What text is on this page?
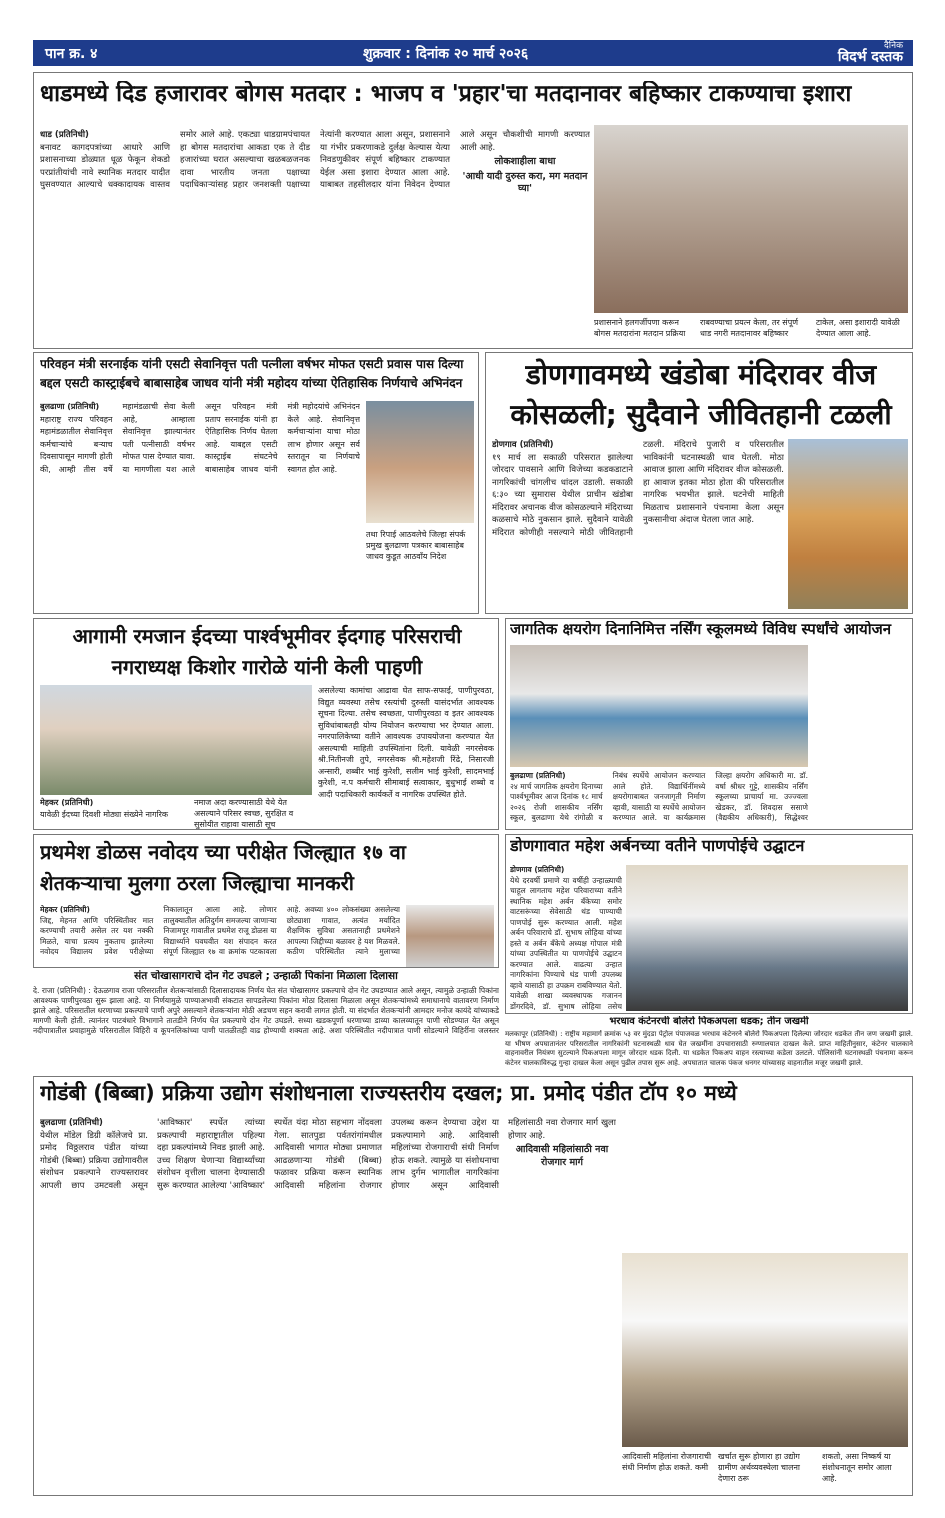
पान क्र. ४	शुक्रवार : दिनांक २० मार्च २०२६	दैनिक
विदर्भ दस्तक
धाडमध्ये दिड हजारावर बोगस मतदार : भाजप व 'प्रहार'चा मतदानावर बहिष्कार टाकण्याचा इशारा
धाड (प्रतिनिधी)
बनावट कागदपत्रांच्या आधारे आणि प्रशासनाच्या डोळ्यात धूळ फेकून शेकडो परप्रांतीयांची नावे स्थानिक मतदार यादीत घुसवण्यात आल्याचे धक्कादायक वास्तव समोर आले आहे. एकट्या धाडग्रामपंचायत हा बोगस मतदारांचा आकडा एक ते दीड हजारांच्या घरात असल्याचा खळबळजनक दावा भारतीय जनता पक्षाच्या पदाधिकाऱ्यांसह प्रहार जनशक्ती पक्षाच्या नेत्यांनी करण्यात आला असून, प्रशासनाने या गंभीर प्रकरणाकडे दुर्लक्ष केल्यास येत्या निवडणुकीवर संपूर्ण बहिष्कार टाकण्यात येईल असा इशारा देण्यात आला आहे. याबाबत तहसीलदार यांना निवेदन देण्यात आले असून चौकशीची मागणी करण्यात आली आहे.
लोकशाहीला बाधा
'आधी यादी दुरुस्त करा, मग मतदान घ्या'
प्रशासनाने हलगर्जीपणा करून बोगस मतदारांना मतदान प्रक्रिया
राबवण्याचा प्रयत्न केला, तर संपूर्ण धाड नगरी मतदानावर बहिष्कार
टाकेल, असा इशारादी यावेळी देण्यात आला आहे.
परिवहन मंत्री सरनाईक यांनी एसटी सेवानिवृत्त पती पत्नीला वर्षभर मोफत एसटी प्रवास पास दिल्या बद्दल एसटी कास्ट्राईबचे बाबासाहेब जाधव यांनी मंत्री महोदय यांच्या ऐतिहासिक निर्णयाचे अभिनंदन
बुलढाणा (प्रतिनिधी)
महाराष्ट्र राज्य परिवहन महामंडळातील सेवानिवृत्त कर्मचाऱ्यांचे बऱ्याच दिवसापासून मागणी होती की, आम्ही तीस वर्षे महामंडळाची सेवा केली आहे, आम्हाला सेवानिवृत्त झाल्यानंतर पती पत्नीसाठी वर्षभर मोफत पास देण्यात यावा. या मागणीला यश आले असून परिवहन मंत्री प्रताप सरनाईक यांनी हा ऐतिहासिक निर्णय घेतला आहे. याबद्दल एसटी कास्ट्राईब संघटनेचे बाबासाहेब जाधव यांनी मंत्री महोदयांचे अभिनंदन केले आहे. सेवानिवृत्त कर्मचाऱ्यांना याचा मोठा लाभ होणार असून सर्व स्तरातून या निर्णयाचे स्वागत होत आहे.
तथा रिपाई आठवलेचे जिल्हा संपर्क प्रमुख बुलढाणा पत्रकार बाबासाहेब जाधव कुडूत आठवाँय निदेश
डोणगावमध्ये खंडोबा मंदिरावर वीज कोसळली; सुदैवाने जीवितहानी टळली
डोणगाव (प्रतिनिधी)
१९ मार्च ला सकाळी परिसरात झालेल्या जोरदार पावसाने आणि विजेच्या कडकडाटाने नागरिकांची चांगलीच धांदल उडाली. सकाळी ६:३० च्या सुमारास येथील प्राचीन खंडोबा मंदिरावर अचानक वीज कोसळल्याने मंदिराच्या कळसाचे मोठे नुकसान झाले. सुदैवाने यावेळी मंदिरात कोणीही नसल्याने मोठी जीवितहानी टळली. मंदिराचे पुजारी व परिसरातील भाविकांनी घटनास्थळी धाव घेतली. मोठा आवाज झाला आणि मंदिरावर वीज कोसळली. हा आवाज इतका मोठा होता की परिसरातील नागरिक भयभीत झाले. घटनेची माहिती मिळताच प्रशासनाने पंचनामा केला असून नुकसानीचा अंदाज घेतला जात आहे.
आगामी रमजान ईदच्या पार्श्वभूमीवर ईदगाह परिसराची नगराध्यक्ष किशोर गारोळे यांनी केली पाहणी
मेहकर (प्रतिनिधी)
यावेळी ईदच्या दिवशी मोठ्या संख्येने नागरिक
नमाज अदा करण्यासाठी येथे येत असल्याने परिसर स्वच्छ, सुरक्षित व सुसोयीत राहावा यासाठी सूच
असलेल्या कामांचा आढावा घेत साफ-सफाई, पाणीपुरवठा, विद्युत व्यवस्था तसेच रस्त्यांची दुरुस्ती यासंदर्भात आवश्यक सूचना दिल्या. तसेच स्वच्छता, पाणीपुरवठा व इतर आवश्यक सुविधांबाबतही योग्य नियोजन करण्याचा भर देण्यात आला. नगरपालिकेच्या वतीने आवश्यक उपाययोजना करण्यात येत असल्याची माहिती उपस्थितांना दिली. यावेळी नगरसेवक श्री.नितीनजी तुपे, नगरसेवक श्री.महेशजी रिंढे, निसारजी अन्सारी, शब्बीर भाई कुरेशी, सलीम भाई कुरेशी, सादमभाई कुरेशी, न.प कर्मचारी सीमाबाई सत्वाकार, बुधुभाई शब्बो व आदी पदाधिकारी कार्यकर्ते व नागरिक उपस्थित होते.
जागतिक क्षयरोग दिनानिमित्त नर्सिंग स्कूलमध्ये विविध स्पर्धांचे आयोजन
बुलढाणा (प्रतिनिधी)
२४ मार्च जागतिक क्षयरोग दिनाच्या पार्श्वभूमीवर आज दिनांक १८ मार्च २०२६ रोजी शासकीय नर्सिंग स्कूल, बुलढाणा येथे रांगोळी व निबंध स्पर्धेचे आयोजन करण्यात आले होते. विद्यार्थिनींमध्ये क्षयरोगाबाबत जनजागृती निर्माण व्हावी, यासाठी या स्पर्धेचे आयोजन करण्यात आले. या कार्यक्रमास जिल्हा क्षयरोग अधिकारी मा. डॉ. वर्षा श्रीधर गुट्टे, शासकीय नर्सिंग स्कूलच्या प्राचार्या मा. उज्ज्वला खेडकर, डॉ. शिवदास ससाणे (वैद्यकीय अधिकारी), सिद्धेश्वर
प्रथमेश डोळस नवोदय च्या परीक्षेत जिल्ह्यात १७ वा शेतकऱ्याचा मुलगा ठरला जिल्ह्याचा मानकरी
मेहकर (प्रतिनिधी)
जिद्द, मेहनत आणि परिस्थितीवर मात करण्याची तयारी असेल तर यश नक्की मिळते, याचा प्रत्यय नुकताच झालेल्या नवोदय विद्यालय प्रवेश परीक्षेच्या निकालातून आला आहे. लोणार तालुक्यातील अतिदुर्गम समजल्या जाणाऱ्या निजामपूर गावातील प्रथमेश राजू डोळस या विद्यार्थ्याने घवघवीत यश संपादन करत संपूर्ण जिल्ह्यात १७ वा क्रमांक पटकावला आहे. अवघ्या ४०० लोकसंख्या असलेल्या छोट्याशा गावात, अत्यंत मर्यादित शैक्षणिक सुविधा असतानाही प्रथमेशने आपल्या जिद्दीच्या बळावर हे यश मिळवले. कठीण परिस्थितीत त्याने मुलाच्या
डोणगावात महेश अर्बनच्या वतीने पाणपोईचे उद्घाटन
डोणगाव (प्रतिनिधी)
येथे दरवर्षी प्रमाणे या वर्षीही उन्हाळ्याची चाहूल लागताच महेश परिवाराच्या वतीने स्थानिक महेश अर्बन बँकेच्या समोर वाटसरूंच्या सेवेसाठी थंड पाण्याची पाणपोई सुरू करण्यात आली. महेश अर्बन परिवाराचे डॉ. सुभाष लोहिया यांच्या हस्ते व अर्बन बँकेचे अध्यक्ष गोपाल मंत्री यांच्या उपस्थितीत या पाणपोईचे उद्घाटन करण्यात आले. वाढत्या उन्हात नागरिकांना पिण्याचे थंड पाणी उपलब्ध व्हावे यासाठी हा उपक्रम राबविण्यात येतो. यावेळी शाखा व्यवस्थापक गजानन डोंगरदिवे, डॉ. सुभाष लोहिया तसेच
संत चोखासागराचे दोन गेट उघडले ; उन्हाळी पिकांना मिळाला दिलासा
दे. राजा (प्रतिनिधी) : देऊळगाव राजा परिसरातील शेतकऱ्यांसाठी दिलासादायक निर्णय घेत संत चोखासागर प्रकल्पाचे दोन गेट उघडण्यात आले असून, त्यामुळे उन्हाळी पिकांना आवश्यक पाणीपुरवठा सुरू झाला आहे. या निर्णयामुळे पाण्याअभावी संकटात सापडलेल्या पिकांना मोठा दिलासा मिळाला असून शेतकऱ्यांमध्ये समाधानाचे वातावरण निर्माण झाले आहे. परिसरातील धरणाच्या प्रकल्पाचे पाणी अपुरे असल्याने शेतकऱ्यांना मोठी अडचण सहन करावी लागत होती. या संदर्भात शेतकऱ्यांनी आमदार मनोज कायंदे यांच्याकडे मागणी केली होती. त्यानंतर पाटबंधारे विभागाने तातडीने निर्णय घेत प्रकल्पाचे दोन गेट उघडले. सध्या खडकपूर्णा धरणाच्या डाव्या कालव्यातून पाणी सोडण्यात येत असून नदीपात्रातील प्रवाहामुळे परिसरातील विहिरी व कूपनलिकांच्या पाणी पातळीतही वाढ होण्याची शक्यता आहे. अशा परिस्थितीत नदीपात्रात पाणी सोडल्याने विहिरींना जलस्तर
भरधाव कंटेनरची बोलेरो पिकअपला धडक; तीन जखमी
मलकापूर (प्रतिनिधी) : राष्ट्रीय महामार्ग क्रमांक ५३ वर मुंदडा पेट्रोल पंपाजवळ भरधाव कंटेनरने बोलेरो पिकअपला दिलेल्या जोरदार धडकेत तीन जण जखमी झाले. या भीषण अपघातानंतर परिसरातील नागरिकांनी घटनास्थळी धाव घेत जखमींना उपचारासाठी रुग्णालयात दाखल केले. प्राप्त माहितीनुसार, कंटेनर चालकाने वाहनावरील नियंत्रण सुटल्याने पिकअपला मागून जोरदार धडक दिली. या धडकेत पिकअप वाहन रस्त्याच्या कडेला उलटले. पोलिसांनी घटनास्थळी पंचनामा करून कंटेनर चालकाविरुद्ध गुन्हा दाखल केला असून पुढील तपास सुरू आहे. अपघातात चालक पंकज धनगर यांच्यासह वाहनातील मजूर जखमी झाले.
गोडंबी (बिब्बा) प्रक्रिया उद्योग संशोधनाला राज्यस्तरीय दखल; प्रा. प्रमोद पंडीत टॉप १० मध्ये
बुलढाणा (प्रतिनिधी)
येथील मॉडेल डिग्री कॉलेजचे प्रा. प्रमोद विठ्ठलराव पंडीत यांच्या गोडंबी (बिब्बा) प्रक्रिया उद्योगावरील संशोधन प्रकल्पाने राज्यस्तरावर आपली छाप उमटवली असून 'आविष्कार' स्पर्धेत त्यांच्या प्रकल्पाची महाराष्ट्रातील पहिल्या दहा प्रकल्पांमध्ये निवड झाली आहे. उच्च शिक्षण घेणाऱ्या विद्यार्थ्यांच्या संशोधन वृत्तीला चालना देण्यासाठी सुरू करण्यात आलेल्या 'आविष्कार' स्पर्धेत यंदा मोठा सहभाग नोंदवला गेला. सातपुडा पर्वतरांगांमधील आदिवासी भागात मोठ्या प्रमाणात आढळणाऱ्या गोडंबी (बिब्बा) फळावर प्रक्रिया करून स्थानिक आदिवासी महिलांना रोजगार उपलब्ध करून देण्याचा उद्देश या प्रकल्पामागे आहे. आदिवासी महिलांच्या रोजगाराची संधी निर्माण होऊ शकते. त्यामुळे या संशोधनाचा लाभ दुर्गम भागातील नागरिकांना होणार असून आदिवासी महिलांसाठी नवा रोजगार मार्ग खुला होणार आहे.
आदिवासी महिलांसाठी नवा रोजगार मार्ग
आदिवासी महिलांना रोजगाराची संधी निर्माण होऊ शकते. कमी
खर्चात सुरू होणारा हा उद्योग ग्रामीण अर्थव्यवस्थेला चालना देणारा ठरू
शकतो, असा निष्कर्ष या संशोधनातून समोर आला आहे.
